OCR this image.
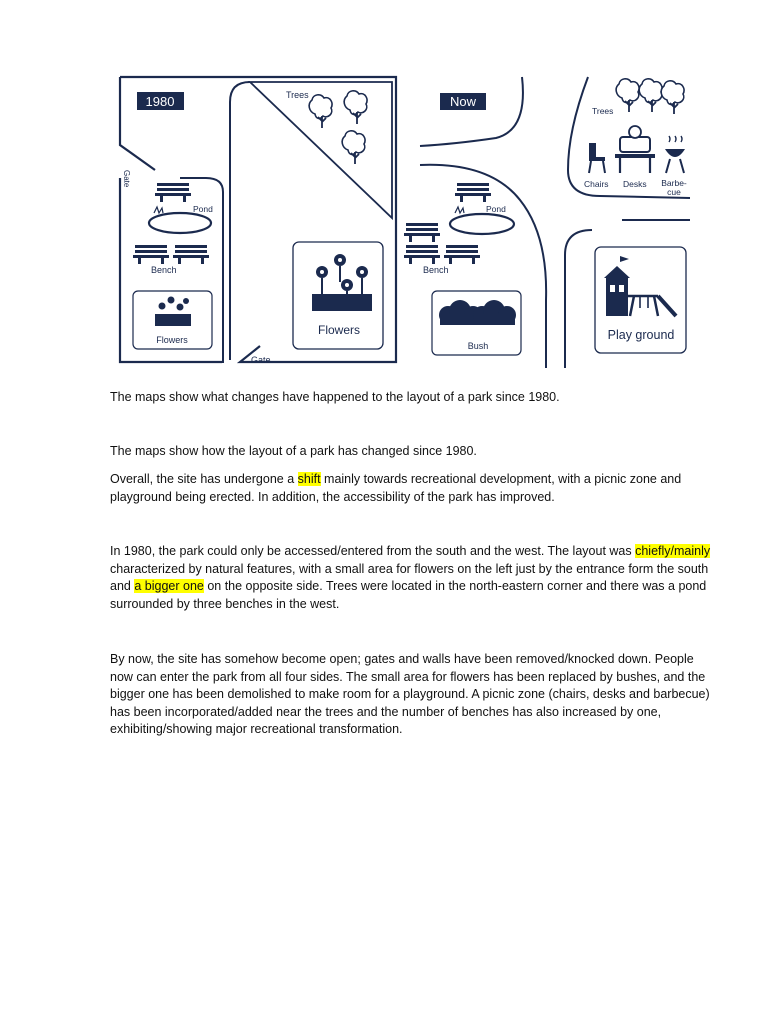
1980	Trees
Gate
Gate
Pond
Bench
Flowers
Flowers
Now
Trees
Chairs Desks Barbe-
cue
Pond
Bench
Bush
Play ground

The maps show what changes have happened to the layout of a park since 1980.

The maps show how the layout of a park has changed since 1980.

Overall, the site has undergone a shift mainly towards recreational development, with a picnic zone and playground being erected. In addition, the accessibility of the park has improved.

In 1980, the park could only be accessed/entered from the south and the west. The layout was chiefly/mainly characterized by natural features, with a small area for flowers on the left just by the entrance form the south and a bigger one on the opposite side. Trees were located in the north-eastern corner and there was a pond surrounded by three benches in the west.

By now, the site has somehow become open; gates and walls have been removed/knocked down. People now can enter the park from all four sides. The small area for flowers has been replaced by bushes, and the bigger one has been demolished to make room for a playground. A picnic zone (chairs, desks and barbecue) has been incorporated/added near the trees and the number of benches has also increased by one, exhibiting/showing major recreational transformation.
